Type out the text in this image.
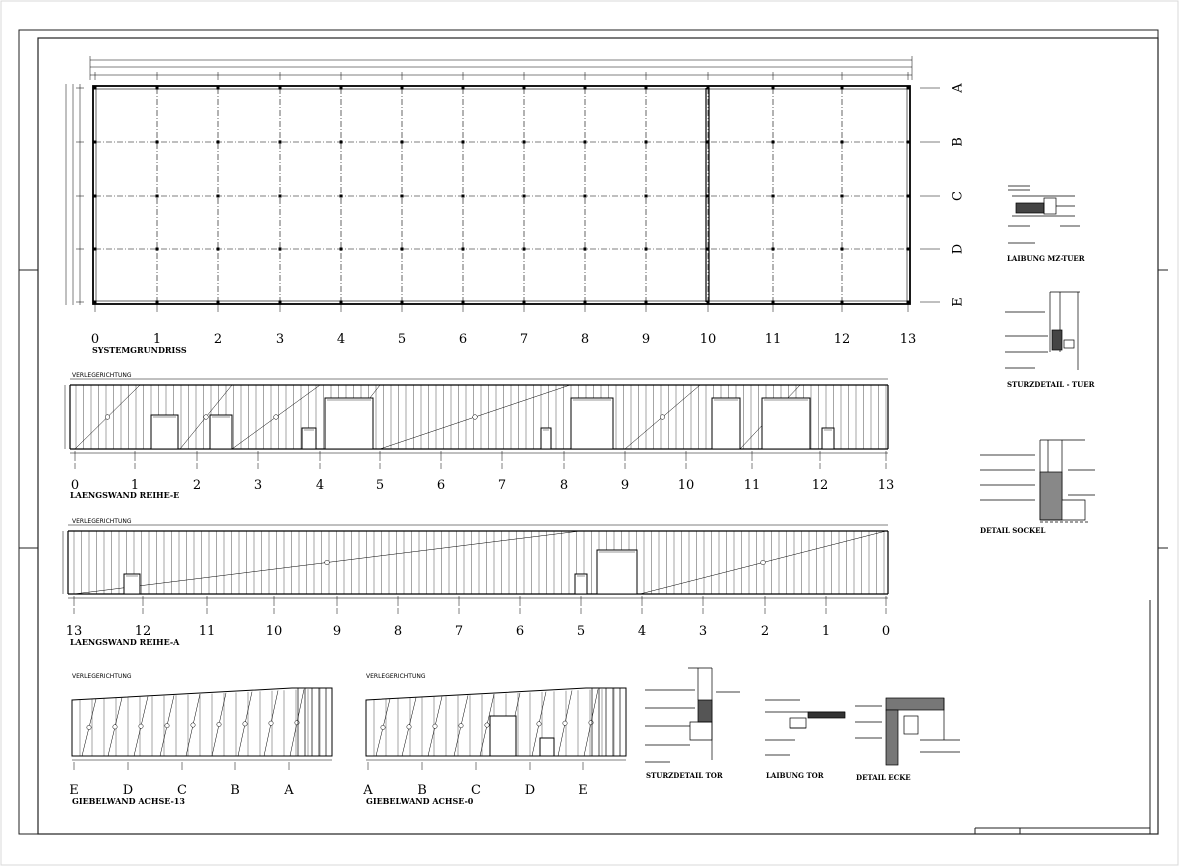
0	1	2	3	4	5	6	7	8	9	10	11	12	13
A
B
C
D
E
SYSTEMGRUNDRISS
VERLEGERICHTUNG
0	1	2	3	4	5	6	7	8	9	10	11	12	13
LAENGSWAND REIHE-E
VERLEGERICHTUNG
13	12	11	10	9	8	7	6	5	4	3	2	1	0
LAENGSWAND REIHE-A
VERLEGERICHTUNG
E	D	C	B	A
GIEBELWAND ACHSE-13
VERLEGERICHTUNG
A	B	C	D	E
GIEBELWAND ACHSE-0
LAIBUNG MZ-TUER
STURZDETAIL - TUER
DETAIL SOCKEL
STURZDETAIL TOR	LAIBUNG TOR	DETAIL ECKE
